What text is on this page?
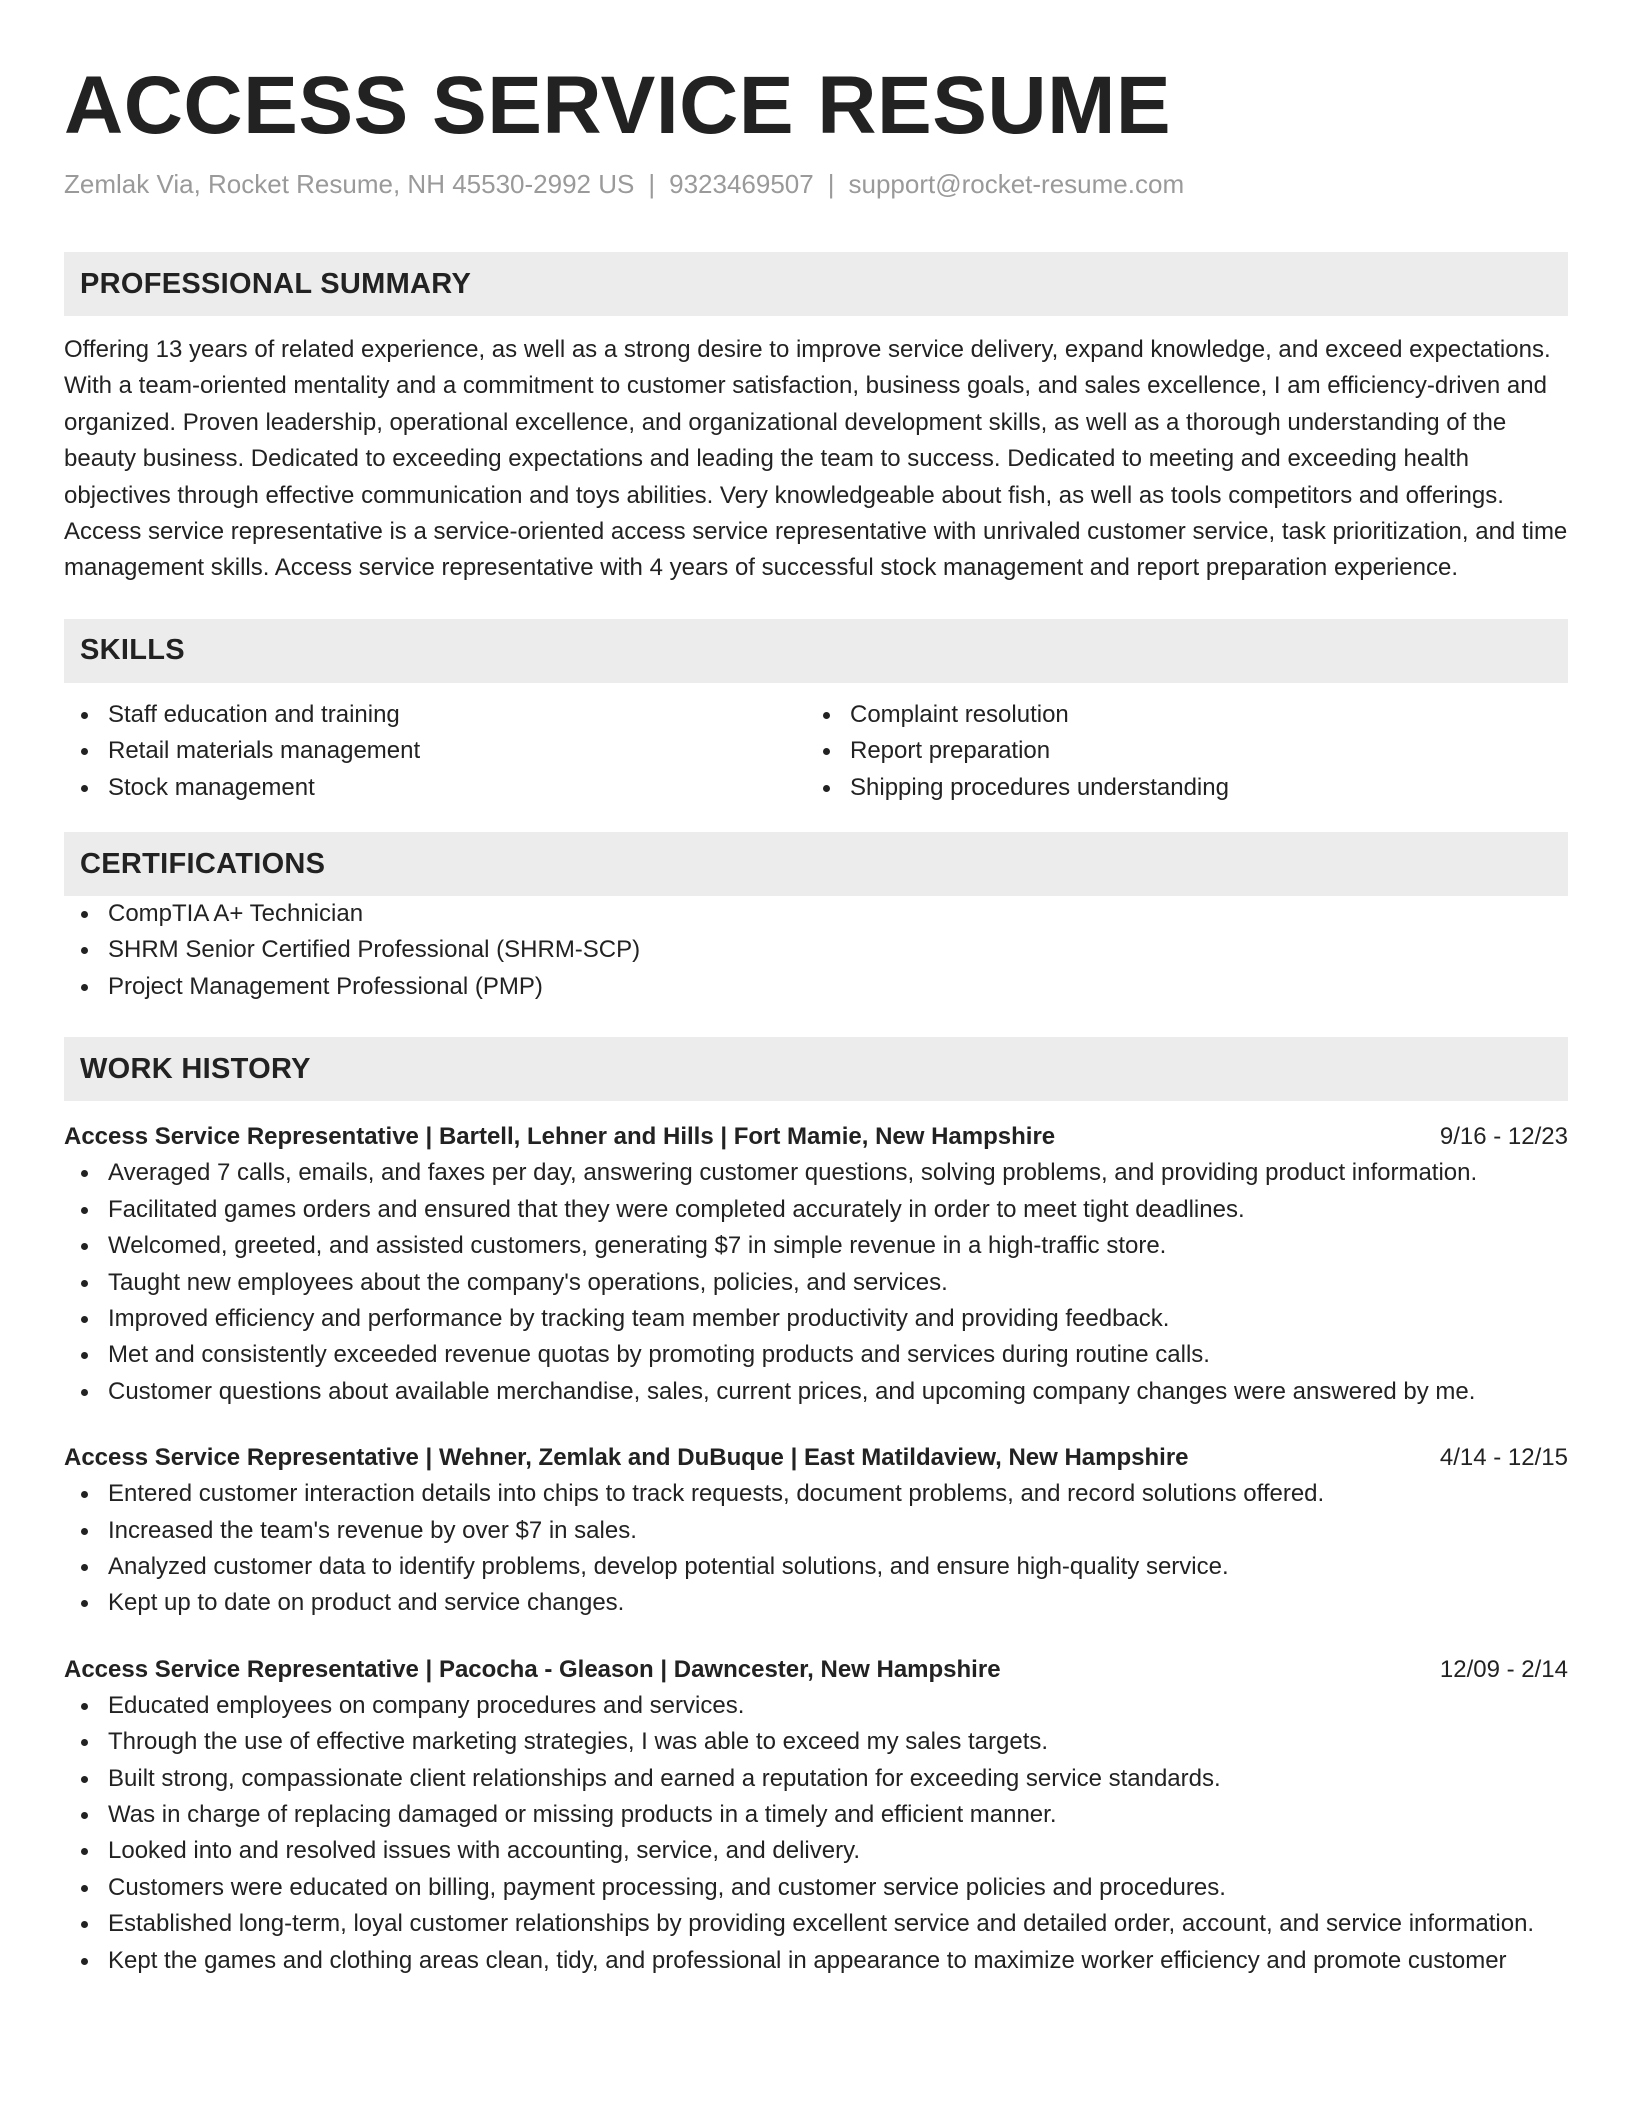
ACCESS SERVICE RESUME
Zemlak Via, Rocket Resume, NH 45530-2992 US | 9323469507 | support@rocket-resume.com
PROFESSIONAL SUMMARY
Offering 13 years of related experience, as well as a strong desire to improve service delivery, expand knowledge, and exceed expectations. With a team-oriented mentality and a commitment to customer satisfaction, business goals, and sales excellence, I am efficiency-driven and organized. Proven leadership, operational excellence, and organizational development skills, as well as a thorough understanding of the beauty business. Dedicated to exceeding expectations and leading the team to success. Dedicated to meeting and exceeding health objectives through effective communication and toys abilities. Very knowledgeable about fish, as well as tools competitors and offerings. Access service representative is a service-oriented access service representative with unrivaled customer service, task prioritization, and time management skills. Access service representative with 4 years of successful stock management and report preparation experience.
SKILLS
Staff education and training
Retail materials management
Stock management
Complaint resolution
Report preparation
Shipping procedures understanding
CERTIFICATIONS
CompTIA A+ Technician
SHRM Senior Certified Professional (SHRM-SCP)
Project Management Professional (PMP)
WORK HISTORY
Access Service Representative | Bartell, Lehner and Hills | Fort Mamie, New Hampshire	9/16 - 12/23
Averaged 7 calls, emails, and faxes per day, answering customer questions, solving problems, and providing product information.
Facilitated games orders and ensured that they were completed accurately in order to meet tight deadlines.
Welcomed, greeted, and assisted customers, generating $7 in simple revenue in a high-traffic store.
Taught new employees about the company's operations, policies, and services.
Improved efficiency and performance by tracking team member productivity and providing feedback.
Met and consistently exceeded revenue quotas by promoting products and services during routine calls.
Customer questions about available merchandise, sales, current prices, and upcoming company changes were answered by me.
Access Service Representative | Wehner, Zemlak and DuBuque | East Matildaview, New Hampshire	4/14 - 12/15
Entered customer interaction details into chips to track requests, document problems, and record solutions offered.
Increased the team's revenue by over $7 in sales.
Analyzed customer data to identify problems, develop potential solutions, and ensure high-quality service.
Kept up to date on product and service changes.
Access Service Representative | Pacocha - Gleason | Dawncester, New Hampshire	12/09 - 2/14
Educated employees on company procedures and services.
Through the use of effective marketing strategies, I was able to exceed my sales targets.
Built strong, compassionate client relationships and earned a reputation for exceeding service standards.
Was in charge of replacing damaged or missing products in a timely and efficient manner.
Looked into and resolved issues with accounting, service, and delivery.
Customers were educated on billing, payment processing, and customer service policies and procedures.
Established long-term, loyal customer relationships by providing excellent service and detailed order, account, and service information.
Kept the games and clothing areas clean, tidy, and professional in appearance to maximize worker efficiency and promote customer
